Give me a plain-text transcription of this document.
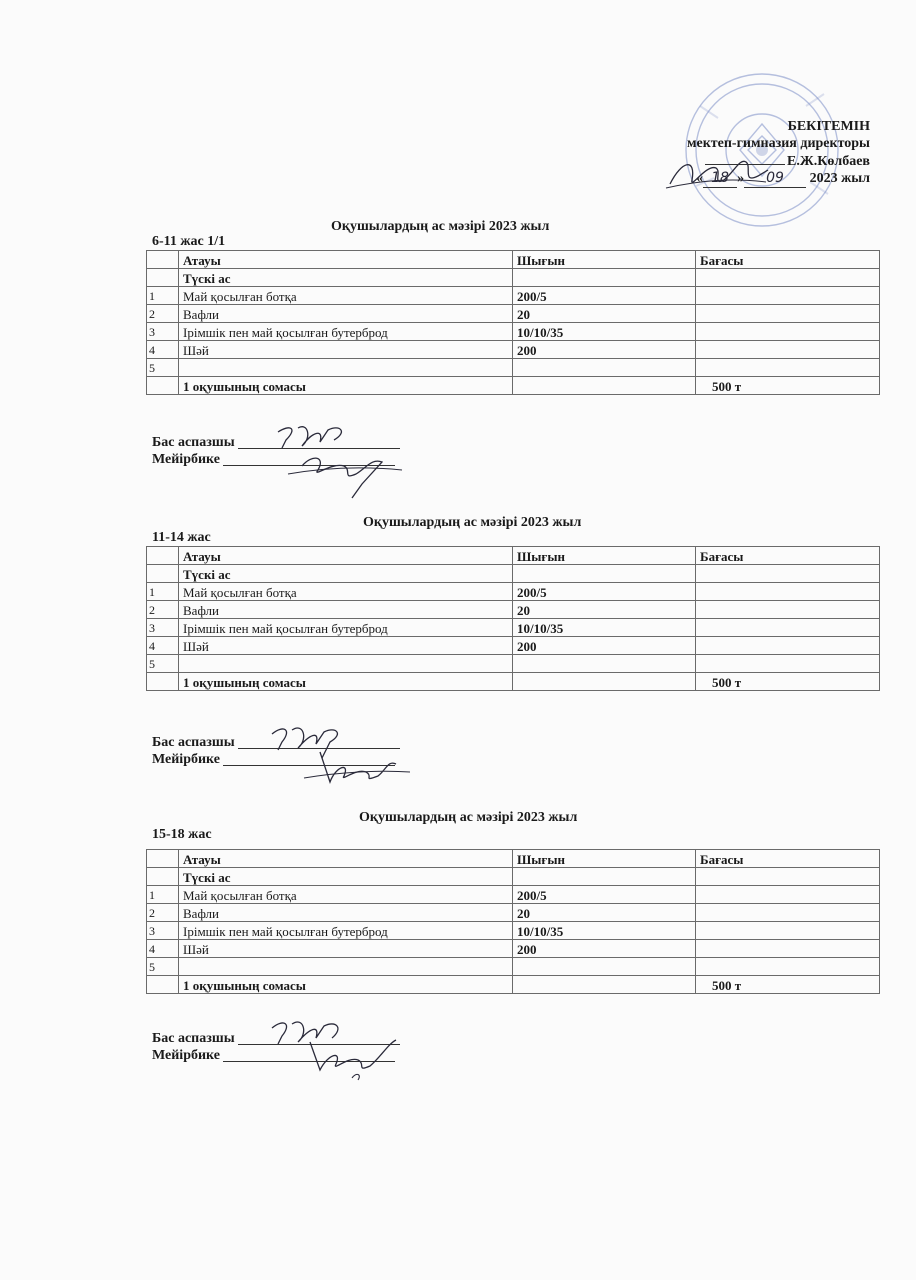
БЕКІТЕМІН
мектеп-гимназия директоры
Е.Ж.Көлбаев
« 18 » 09 2023 жыл
Оқушылардың ас мәзірі 2023 жыл
6-11 жас 1/1
	Атауы	Шығын	Бағасы
	Түскі ас		
1	Май қосылған ботқа	200/5	
2	Вафли	20	
3	Ірімшік пен май қосылған бутерброд	10/10/35	
4	Шәй	200	
5			
	1 оқушының сомасы		500 т
Бас аспазшы

Мейірбике

Оқушылардың ас мәзірі 2023 жыл
11-14 жас
	Атауы	Шығын	Бағасы
	Түскі ас		
1	Май қосылған ботқа	200/5	
2	Вафли	20	
3	Ірімшік пен май қосылған бутерброд	10/10/35	
4	Шәй	200	
5			
	1 оқушының сомасы		500 т
Бас аспазшы

Мейірбике

Оқушылардың ас мәзірі 2023 жыл
15-18 жас
	Атауы	Шығын	Бағасы
	Түскі ас		
1	Май қосылған ботқа	200/5	
2	Вафли	20	
3	Ірімшік пен май қосылған бутерброд	10/10/35	
4	Шәй	200	
5			
	1 оқушының сомасы		500 т
Бас аспазшы

Мейірбике
